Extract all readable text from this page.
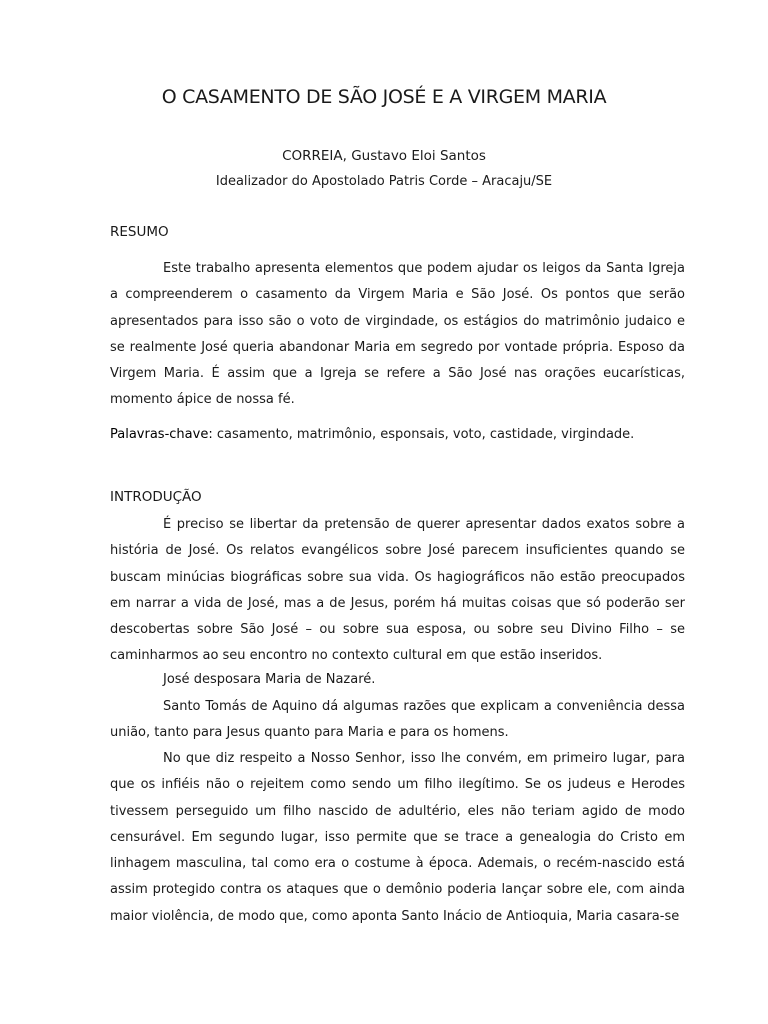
O CASAMENTO DE SÃO JOSÉ E A VIRGEM MARIA
CORREIA, Gustavo Eloi Santos
Idealizador do Apostolado Patris Corde – Aracaju/SE
RESUMO

Este trabalho apresenta elementos que podem ajudar os leigos da Santa Igreja a compreenderem o casamento da Virgem Maria e São José. Os pontos que serão apresentados para isso são o voto de virgindade, os estágios do matrimônio judaico e se realmente José queria abandonar Maria em segredo por vontade própria. Esposo da Virgem Maria. É assim que a Igreja se refere a São José nas orações eucarísticas, momento ápice de nossa fé.

Palavras-chave: casamento, matrimônio, esponsais, voto, castidade, virgindade.
INTRODUÇÃO

É preciso se libertar da pretensão de querer apresentar dados exatos sobre a história de José. Os relatos evangélicos sobre José parecem insuficientes quando se buscam minúcias biográficas sobre sua vida. Os hagiográficos não estão preocupados em narrar a vida de José, mas a de Jesus, porém há muitas coisas que só poderão ser descobertas sobre São José – ou sobre sua esposa, ou sobre seu Divino Filho – se caminharmos ao seu encontro no contexto cultural em que estão inseridos.

José desposara Maria de Nazaré.

Santo Tomás de Aquino dá algumas razões que explicam a conveniência dessa união, tanto para Jesus quanto para Maria e para os homens.

No que diz respeito a Nosso Senhor, isso lhe convém, em primeiro lugar, para que os infiéis não o rejeitem como sendo um filho ilegítimo. Se os judeus e Herodes tivessem perseguido um filho nascido de adultério, eles não teriam agido de modo censurável. Em segundo lugar, isso permite que se trace a genealogia do Cristo em linhagem masculina, tal como era o costume à época. Ademais, o recém-nascido está assim protegido contra os ataques que o demônio poderia lançar sobre ele, com ainda maior violência, de modo que, como aponta Santo Inácio de Antioquia, Maria casara-se
